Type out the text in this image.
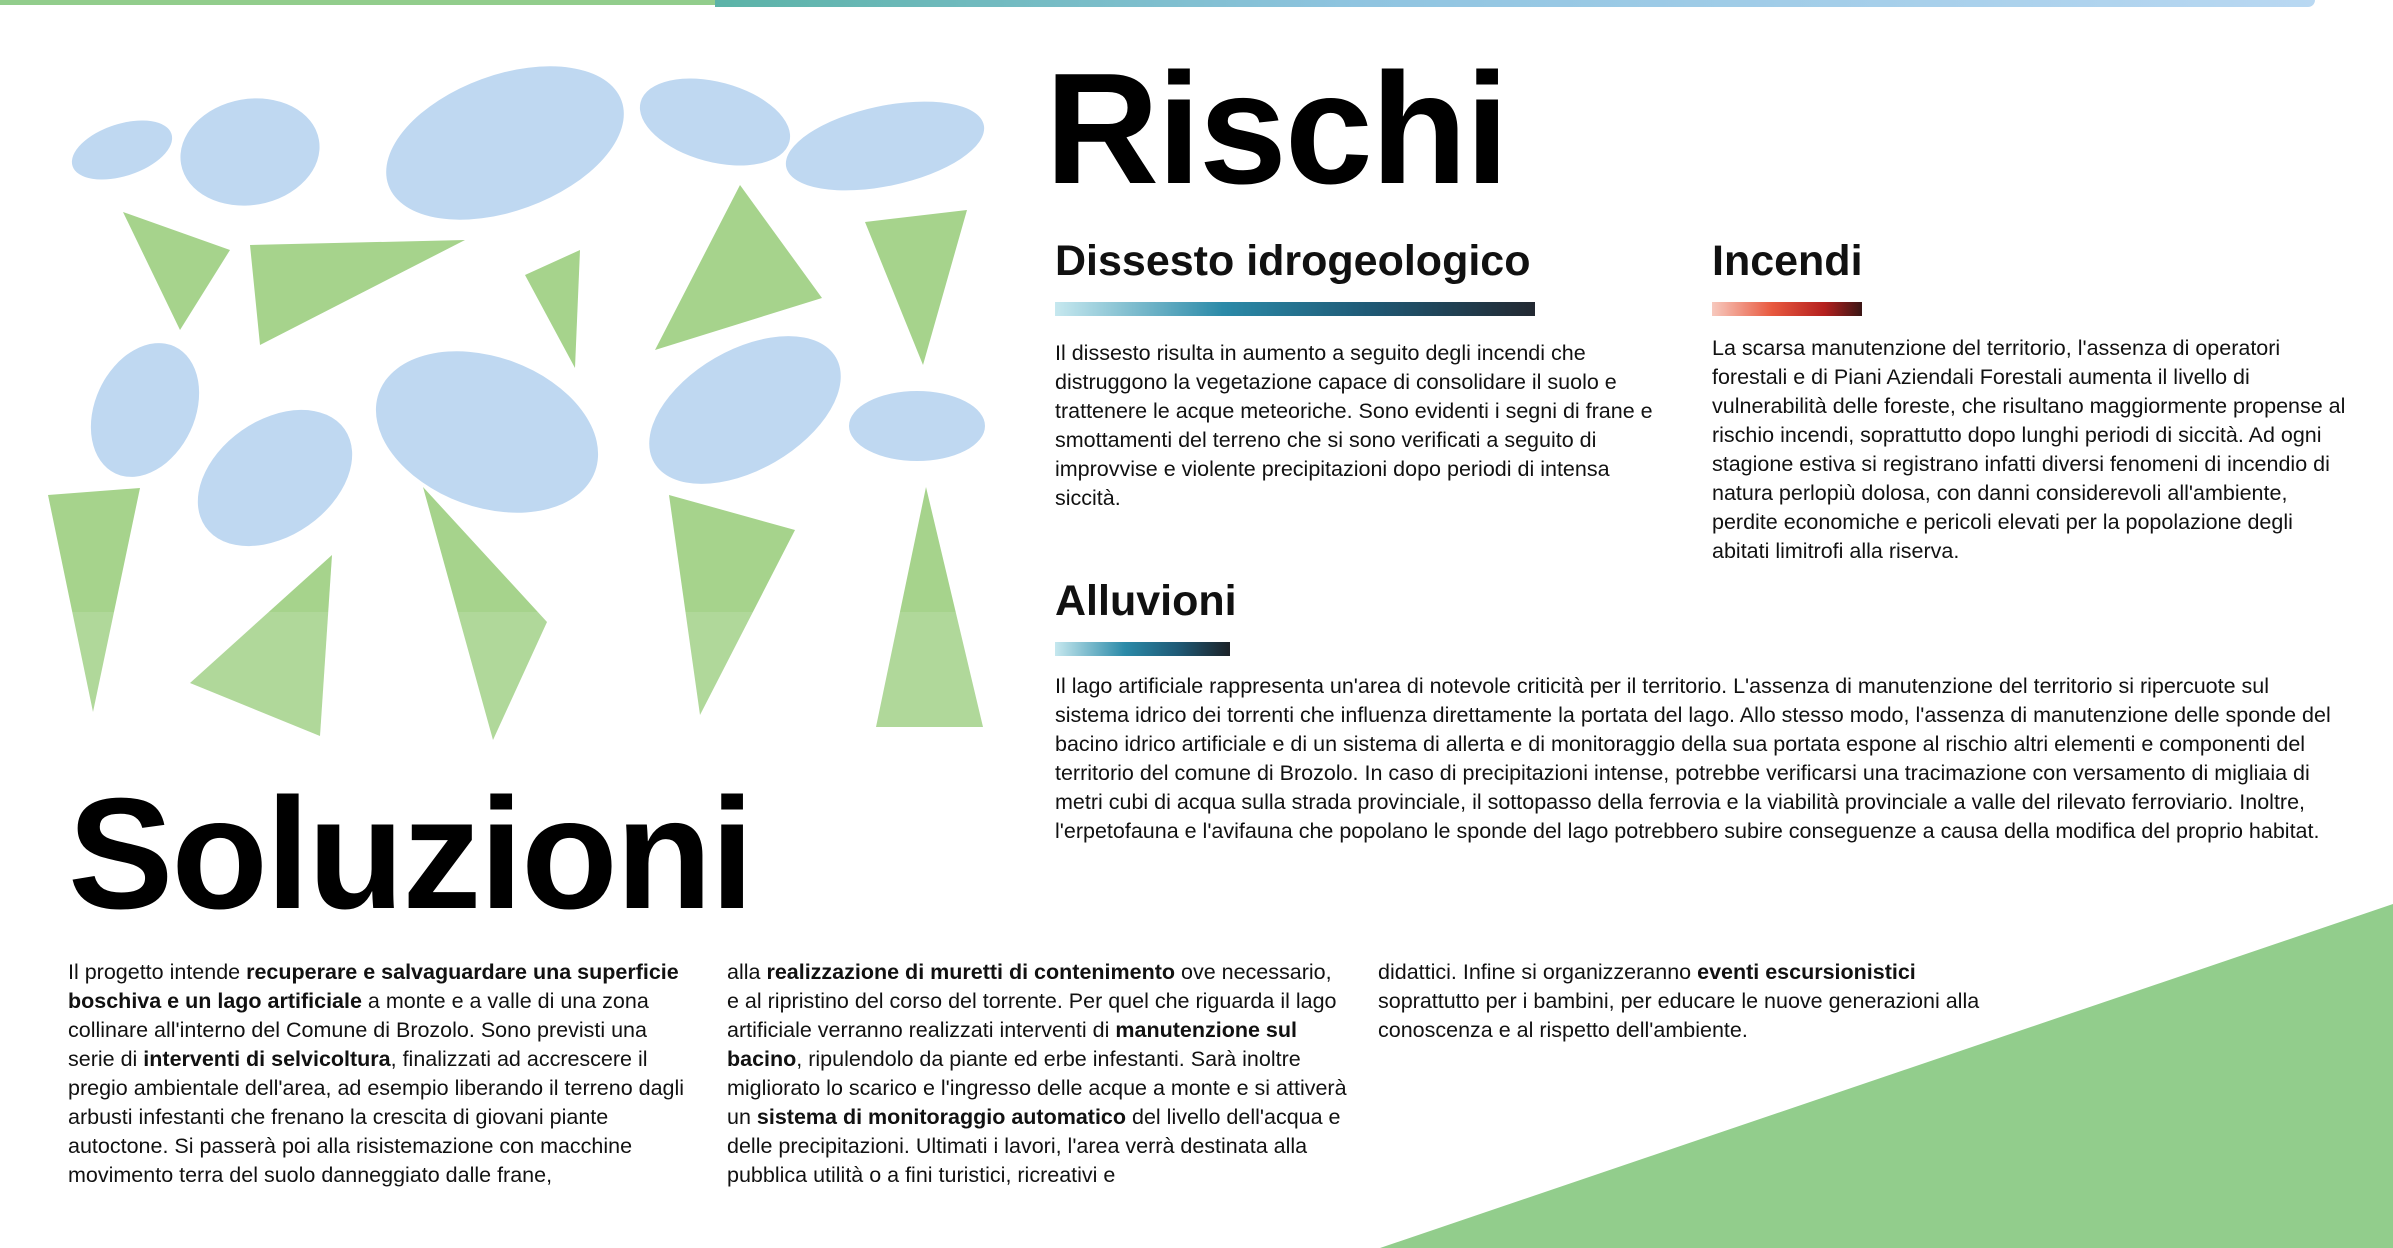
Rischi
Dissesto idrogeologico

Il dissesto risulta in aumento a seguito degli incendi che distruggono la vegetazione capace di consolidare il suolo e trattenere le acque meteoriche. Sono evidenti i segni di frane e smottamenti del terreno che si sono verificati a seguito di improvvise e violente precipitazioni dopo periodi di intensa siccità.

Incendi

La scarsa manutenzione del territorio, l'assenza di operatori forestali e di Piani Aziendali Forestali aumenta il livello di vulnerabilità delle foreste, che risultano maggiormente propense al rischio incendi, soprattutto dopo lunghi periodi di siccità. Ad ogni stagione estiva si registrano infatti diversi fenomeni di incendio di natura perlopiù dolosa, con danni considerevoli all'ambiente, perdite economiche e pericoli elevati per la popolazione degli abitati limitrofi alla riserva.

Alluvioni

Il lago artificiale rappresenta un'area di notevole criticità per il territorio. L'assenza di manutenzione del territorio si ripercuote sul sistema idrico dei torrenti che influenza direttamente la portata del lago. Allo stesso modo, l'assenza di manutenzione delle sponde del bacino idrico artificiale e di un sistema di allerta e di monitoraggio della sua portata espone al rischio altri elementi e componenti del territorio del comune di Brozolo. In caso di precipitazioni intense, potrebbe verificarsi una tracimazione con versamento di migliaia di metri cubi di acqua sulla strada provinciale, il sottopasso della ferrovia e la viabilità provinciale a valle del rilevato ferroviario. Inoltre, l'erpetofauna e l'avifauna che popolano le sponde del lago potrebbero subire conseguenze a causa della modifica del proprio habitat.

Soluzioni

Il progetto intende recuperare e salvaguardare una superficie boschiva e un lago artificiale a monte e a valle di una zona collinare all'interno del Comune di Brozolo. Sono previsti una serie di interventi di selvicoltura, finalizzati ad accrescere il pregio ambientale dell'area, ad esempio liberando il terreno dagli arbusti infestanti che frenano la crescita di giovani piante autoctone. Si passerà poi alla risistemazione con macchine movimento terra del suolo danneggiato dalle frane,

alla realizzazione di muretti di contenimento ove necessario, e al ripristino del corso del torrente. Per quel che riguarda il lago artificiale verranno realizzati interventi di manutenzione sul bacino, ripulendolo da piante ed erbe infestanti. Sarà inoltre migliorato lo scarico e l'ingresso delle acque a monte e si attiverà un sistema di monitoraggio automatico del livello dell'acqua e delle precipitazioni. Ultimati i lavori, l'area verrà destinata alla pubblica utilità o a fini turistici, ricreativi e

didattici. Infine si organizzeranno eventi escursionistici soprattutto per i bambini, per educare le nuove generazioni alla conoscenza e al rispetto dell'ambiente.
